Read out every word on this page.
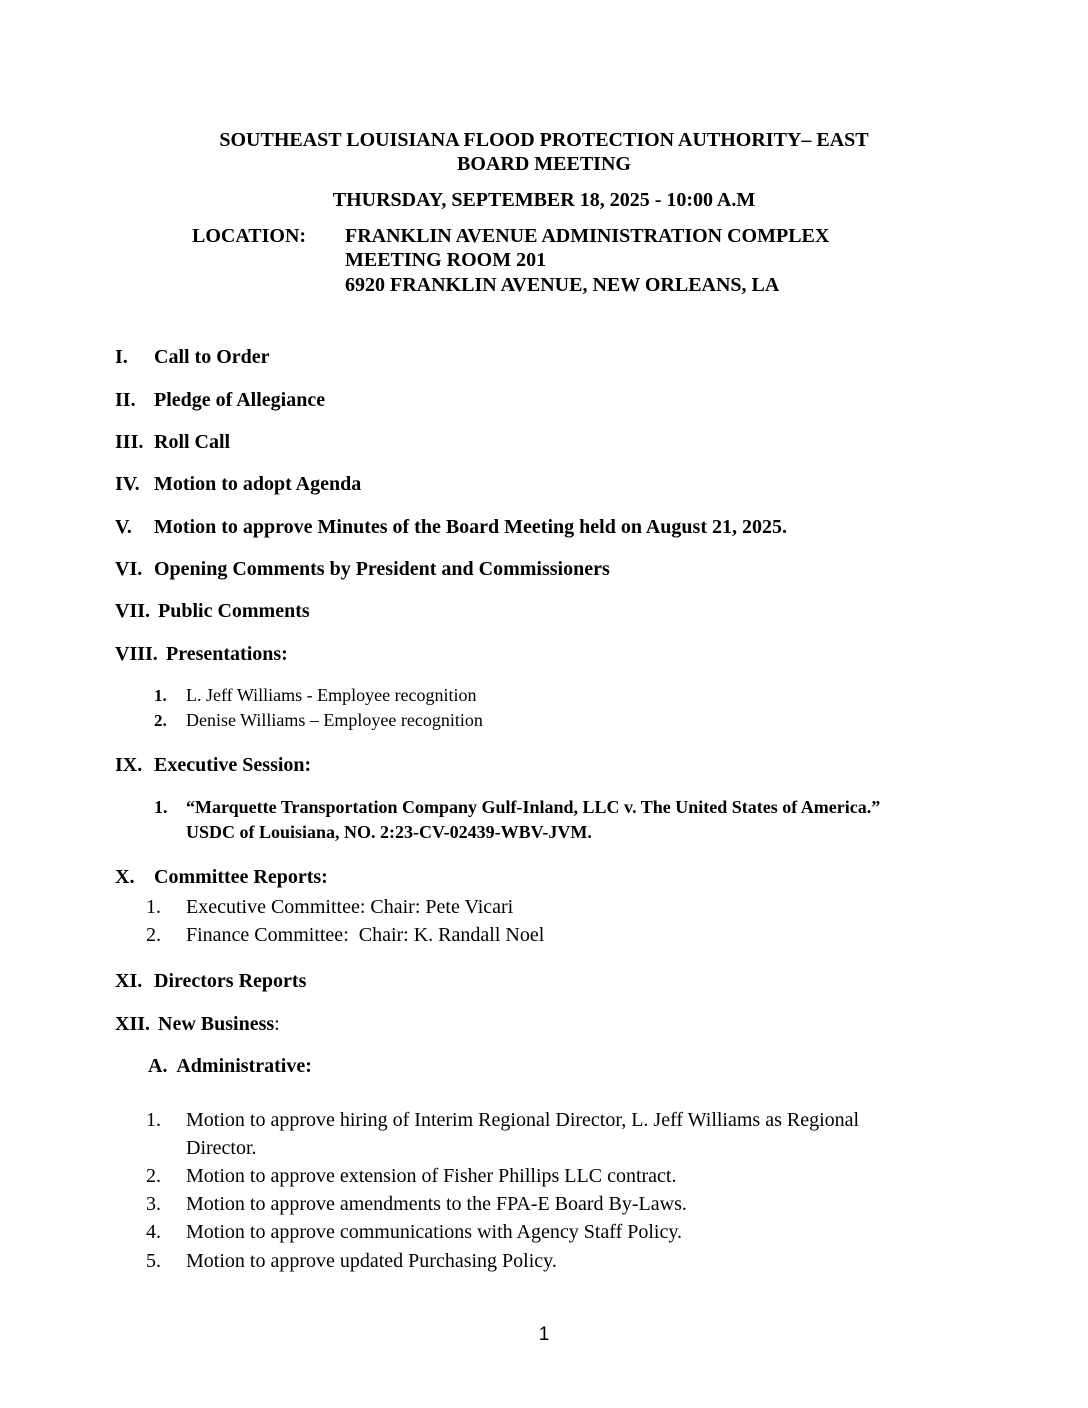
SOUTHEAST LOUISIANA FLOOD PROTECTION AUTHORITY– EAST
BOARD MEETING
THURSDAY, SEPTEMBER 18, 2025 - 10:00 A.M
LOCATION: FRANKLIN AVENUE ADMINISTRATION COMPLEX
MEETING ROOM 201
6920 FRANKLIN AVENUE, NEW ORLEANS, LA
I. Call to Order
II. Pledge of Allegiance
III. Roll Call
IV. Motion to adopt Agenda
V. Motion to approve Minutes of the Board Meeting held on August 21, 2025.
VI. Opening Comments by President and Commissioners
VII. Public Comments
VIII. Presentations:
1. L. Jeff Williams - Employee recognition
2. Denise Williams – Employee recognition
IX. Executive Session:
1. “Marquette Transportation Company Gulf-Inland, LLC v. The United States of America.”
USDC of Louisiana, NO. 2:23-CV-02439-WBV-JVM.
X. Committee Reports:
1. Executive Committee: Chair: Pete Vicari
2. Finance Committee:  Chair: K. Randall Noel
XI. Directors Reports
XII. New Business:
A.  Administrative:
1. Motion to approve hiring of Interim Regional Director, L. Jeff Williams as Regional
Director.
2. Motion to approve extension of Fisher Phillips LLC contract.
3. Motion to approve amendments to the FPA-E Board By-Laws.
4. Motion to approve communications with Agency Staff Policy.
5. Motion to approve updated Purchasing Policy.
1
